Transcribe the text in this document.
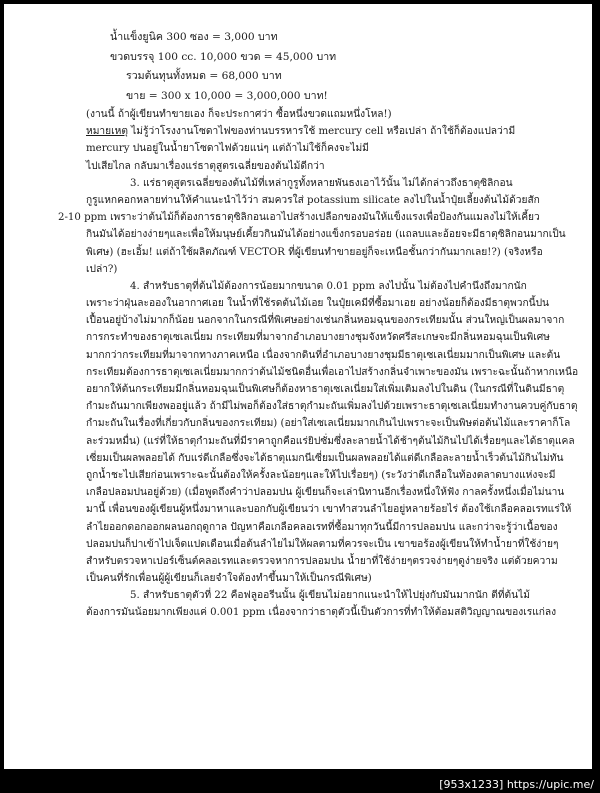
น้ำแข็งยูนิค 300 ซอง = 3,000 บาท
ขวดบรรจุ 100 cc. 10,000 ขวด = 45,000 บาท
รวมต้นทุนทั้งหมด = 68,000 บาท
ขาย = 300 x 10,000 = 3,000,000 บาท!
(งานนี้ ถ้าผู้เขียนทำขายเอง ก็จะประกาศว่า ซื้อหนึ่งขวดแถมหนึ่งโหล!)
หมายเหตุ ไม่รู้ว่าโรงงานโซดาไฟของท่านบรรหารใช้ mercury cell หรือเปล่า ถ้าใช้ก็ต้องแปลว่ามี
mercury ปนอยู่ในน้ำยาโซดาไฟด้วยแน่ๆ แต่ถ้าไม่ใช้ก็คงจะไม่มี
ไปเสียไกล กลับมาเรื่องแร่ธาตุสูตรเฉลี่ยของต้นไม้ดีกว่า
3. แร่ธาตุสูตรเฉลี่ยของต้นไม้ที่เหล่ากูรูทั้งหลายพันธงเอาไว้นั้น ไม่ได้กล่าวถึงธาตุซิลิกอน
กูรูแหกคอกหลายท่านให้คำแนะนำไว้ว่า สมควรใส่ potassium silicate ลงไปในน้ำปุ๋ยเลี้ยงต้นไม้ด้วยสัก
2-10 ppm เพราะว่าต้นไม้ก็ต้องการธาตุซิลิกอนเอาไปสร้างเปลือกของมันให้แข็งแรงเพื่อป้องกันแมลงไม่ให้เคี้ยว
กินมันได้อย่างง่ายๆและเพื่อให้มนุษย์เคี้ยวกินมันได้อย่างแข็งกรอบอร่อย (แถลบและอ้อยจะมีธาตุซิลิกอนมากเป็น
พิเศษ) (ฮะเอิ้ม! แต่ถ้าใช้ผลิตภัณฑ์ VECTOR ที่ผู้เขียนทำขายอยู่ก็จะเหนือชั้นกว่ากันมากเลย!?) (จริงหรือ
เปล่า?)
4. สำหรับธาตุที่ต้นไม้ต้องการน้อยมากขนาด 0.01 ppm ลงไปนั้น ไม่ต้องไปคำนึงถึงมากนัก
เพราะว่าฝุ่นละอองในอากาศเอย ในน้ำที่ใช้รดต้นไม้เอย ในปุ๋ยเคมีที่ซื้อมาเอย อย่างน้อยก็ต้องมีธาตุพวกนี้ปน
เปื้อนอยู่บ้างไม่มากก็น้อย นอกจากในกรณีที่พิเศษอย่างเช่นกลิ่นหอมฉุนของกระเทียมนั้น ส่วนใหญ่เป็นผลมาจาก
การกระทำของธาตุเซเลเนี่ยม กระเทียมที่มาจากอำเภอบางยางชุมจังหวัดศรีสะเกษจะมีกลิ่นหอมฉุนเป็นพิเศษ
มากกว่ากระเทียมที่มาจากทางภาคเหนือ เนื่องจากดินที่อำเภอบางยางชุมมีธาตุเซเลเนี่ยมมากเป็นพิเศษ และต้น
กระเทียมต้องการธาตุเซเลเนี่ยมมากกว่าต้นไม้ชนิดอื่นเพื่อเอาไปสร้างกลิ่นจำเพาะของมัน เพราะฉะนั้นถ้าหากเหนือ
อยากให้ต้นกระเทียมมีกลิ่นหอมฉุนเป็นพิเศษก็ต้องหาธาตุเซเลเนี่ยมใส่เพิ่มเติมลงไปในดิน (ในกรณีที่ในดินมีธาตุ
กำมะถันมากเพียงพออยู่แล้ว ถ้ามีไม่พอก็ต้องใส่ธาตุกำมะถันเพิ่มลงไปด้วยเพราะธาตุเซเลเนี่ยมทำงานควบคู่กับธาตุ
กำมะถันในเรื่องที่เกี่ยวกับกลิ่นของกระเทียม) (อย่าใส่เซเลเนี่ยมมากเกินไปเพราะจะเป็นพิษต่อต้นไม้และราคาก็โล
ละร่วมหมื่น) (แร่ที่ให้ธาตุกำมะถันที่มีราคาถูกคือแร่ยิปซั่มซึ่งละลายน้ำได้ช้าๆต้นไม้กินไปได้เรื่อยๆและได้ธาตุแคล
เซี่ยมเป็นผลพลอยได้ กับแร่ดีเกลือซึ่งจะได้ธาตุแมกนีเซี่ยมเป็นผลพลอยได้แต่ดีเกลือละลายน้ำเร็วต้นไม้กินไม่ทัน
ถูกน้ำชะไปเสียก่อนเพราะฉะนั้นต้องให้ครั้งละน้อยๆและให้ไปเรื่อยๆ) (ระวังว่าดีเกลือในท้องตลาดบางแห่งจะมี
เกลือปลอมปนอยู่ด้วย) (เมื่อพูดถึงคำว่าปลอมปน ผู้เขียนก็จะเล่านิทานอีกเรื่องหนึ่งให้ฟัง กาลครั้งหนึ่งเมื่อไม่นาน
มานี้ เพื่อนของผู้เขียนผู้หนึ่งมาหาและบอกกับผู้เขียนว่า เขาทำสวนลำไยอยู่หลายร้อยไร่ ต้องใช้เกลือคลอเรทแร่ให้
ลำไยออกดอกออกผลนอกฤดูกาล ปัญหาคือเกลือคลอเรทที่ซื้อมาทุกวันนี้มีการปลอมปน และกว่าจะรู้ว่าเนื้อของ
ปลอมปนก็ปาเข้าไปเจ็ดแปดเดือนเมื่อต้นลำไยไม่ให้ผลตามที่ควรจะเป็น เขาขอร้องผู้เขียนให้ทำน้ำยาที่ใช้ง่ายๆ
สำหรับตรวจหาเปอร์เซ็นต์คลอเรทและตรวจหาการปลอมปน น้ำยาที่ใช้ง่ายๆตรวจง่ายๆดูง่ายจริง แต่ด้วยความ
เป็นคนที่รักเพื่อนผู้ผู้เขียนก็เลยจำใจต้องทำขึ้นมาให้เป็นกรณีพิเศษ)
5. สำหรับธาตุตัวที่ 22 คือฟลูออรีนนั้น ผู้เขียนไม่อยากแนะนำให้ไปยุ่งกับมันมากนัก ตีที่ต้นไม้
ต้องการมันน้อยมากเพียงแค่ 0.001 ppm เนื่องจากว่าธาตุตัวนี้เป็นตัวการที่ทำให้ต้อมสติวิญญาณของเรแก่ลง
[953x1233] https://upic.me/
